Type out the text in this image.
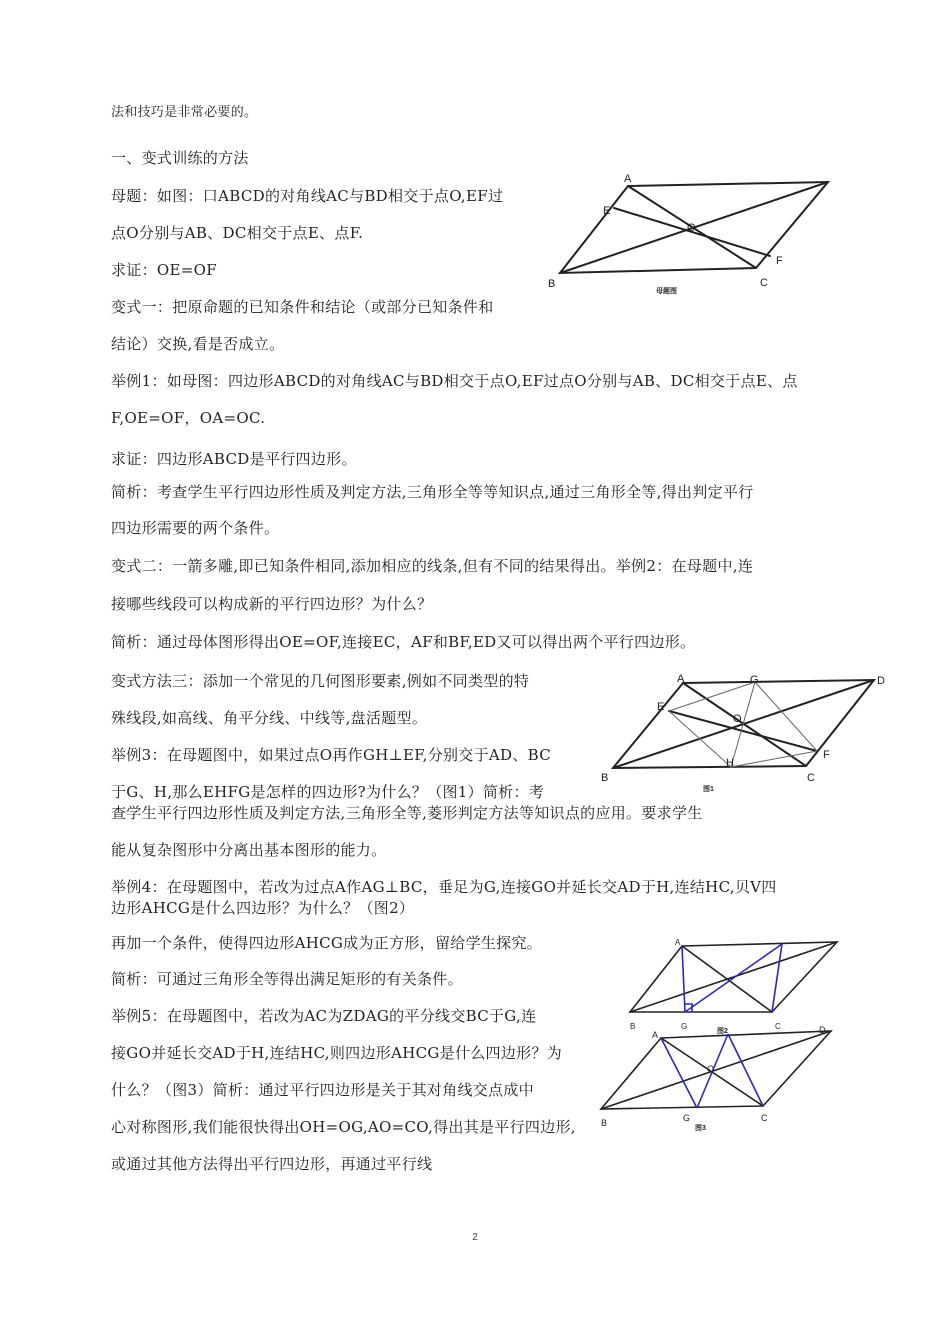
法和技巧是非常必要的。
一、变式训练的方法
母题：如图：口ABCD的对角线AC与BD相交于点O,EF过
点O分别与AB、DC相交于点E、点F.
求证：OE=OF
变式一：把原命题的已知条件和结论（或部分已知条件和
结论）交换,看是否成立。
举例1：如母图：四边形ABCD的对角线AC与BD相交于点O,EF过点O分别与AB、DC相交于点E、点
F,OE=OF，OA=OC.
求证：四边形ABCD是平行四边形。
简析：考查学生平行四边形性质及判定方法,三角形全等等知识点,通过三角形全等,得出判定平行
四边形需要的两个条件。
变式二：一箭多雕,即已知条件相同,添加相应的线条,但有不同的结果得出。举例2：在母题中,连
接哪些线段可以构成新的平行四边形？为什么？
简析：通过母体图形得出OE=OF,连接EC，AF和BF,ED又可以得出两个平行四边形。
变式方法三：添加一个常见的几何图形要素,例如不同类型的特
殊线段,如高线、角平分线、中线等,盘活题型。
举例3：在母题图中，如果过点O再作GH⊥EF,分别交于AD、BC
于G、H,那么EHFG是怎样的四边形?为什么？（图1）简析：考
查学生平行四边形性质及判定方法,三角形全等,菱形判定方法等知识点的应用。要求学生
能从复杂图形中分离出基本图形的能力。
举例4：在母题图中，若改为过点A作AG⊥BC，垂足为G,连接GO并延长交AD于H,连结HC,贝V四
边形AHCG是什么四边形？为什么？（图2）
再加一个条件，使得四边形AHCG成为正方形，留给学生探究。
简析：可通过三角形全等得出满足矩形的有关条件。
举例5：在母题图中，若改为AC为ZDAG的平分线交BC于G,连
接GO并延长交AD于H,连结HC,则四边形AHCG是什么四边形？为
什么？（图3）简析：通过平行四边形是关于其对角线交点成中
心对称图形,我们能很快得出OH=OG,AO=CO,得出其是平行四边形,
或通过其他方法得出平行四边形，再通过平行线
A
E
O
F
B	C
母题图
A	G	D
E
O
F
B
H
C
图1
A
B	G	C
图2
A	D
O
B	G	C
图3
2
